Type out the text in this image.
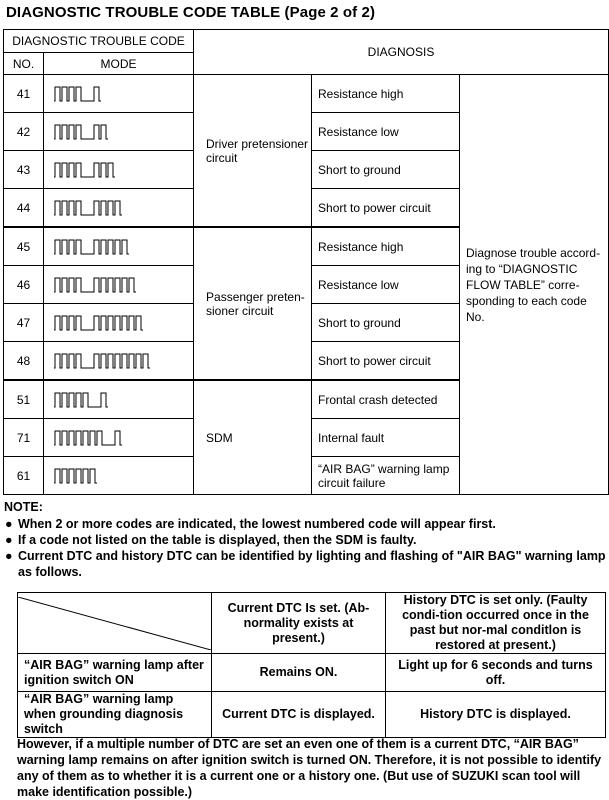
DIAGNOSTIC TROUBLE CODE TABLE (Page 2 of 2)
DIAGNOSTIC TROUBLE CODE		DIAGNOSIS		
NO.	MODE			
41		Driver pretensioner circuit	Resistance high	Diagnose trouble accord-ing to “DIAGNOSTIC FLOW TABLE” corre-sponding to each code No.
42			Resistance low	
43			Short to ground	
44			Short to power circuit	
45		Passenger preten-sioner circuit	Resistance high	
46			Resistance low	
47			Short to ground	
48			Short to power circuit	
51		SDM	Frontal crash detected	
71			Internal fault	
61			“AIR BAG” warning lamp circuit failure	
NOTE:
● When 2 or more codes are indicated, the lowest numbered code will appear first.
● If a code not listed on the table is displayed, then the SDM is faulty.
● Current DTC and history DTC can be identified by lighting and flashing of "AIR BAG" warning lamp as follows.
	Current DTC Is set. (Ab-normality exists at present.)	History DTC is set only. (Faulty condi-tion occurred once in the past but nor-mal conditlon is restored at present.)
“AIR BAG” warning lamp after ignition switch ON	Remains ON.	Light up for 6 seconds and turns off.
“AIR BAG” warning lamp when grounding diagnosis switch	Current DTC is displayed.	History DTC is displayed.

However, if a multiple number of DTC are set an even one of them is a current DTC, “AIR BAG” warning lamp remains on after ignition switch is turned ON. Therefore, it is not possible to identify any of them as to whether it is a current one or a history one. (But use of SUZUKI scan tool will make identification possible.)
